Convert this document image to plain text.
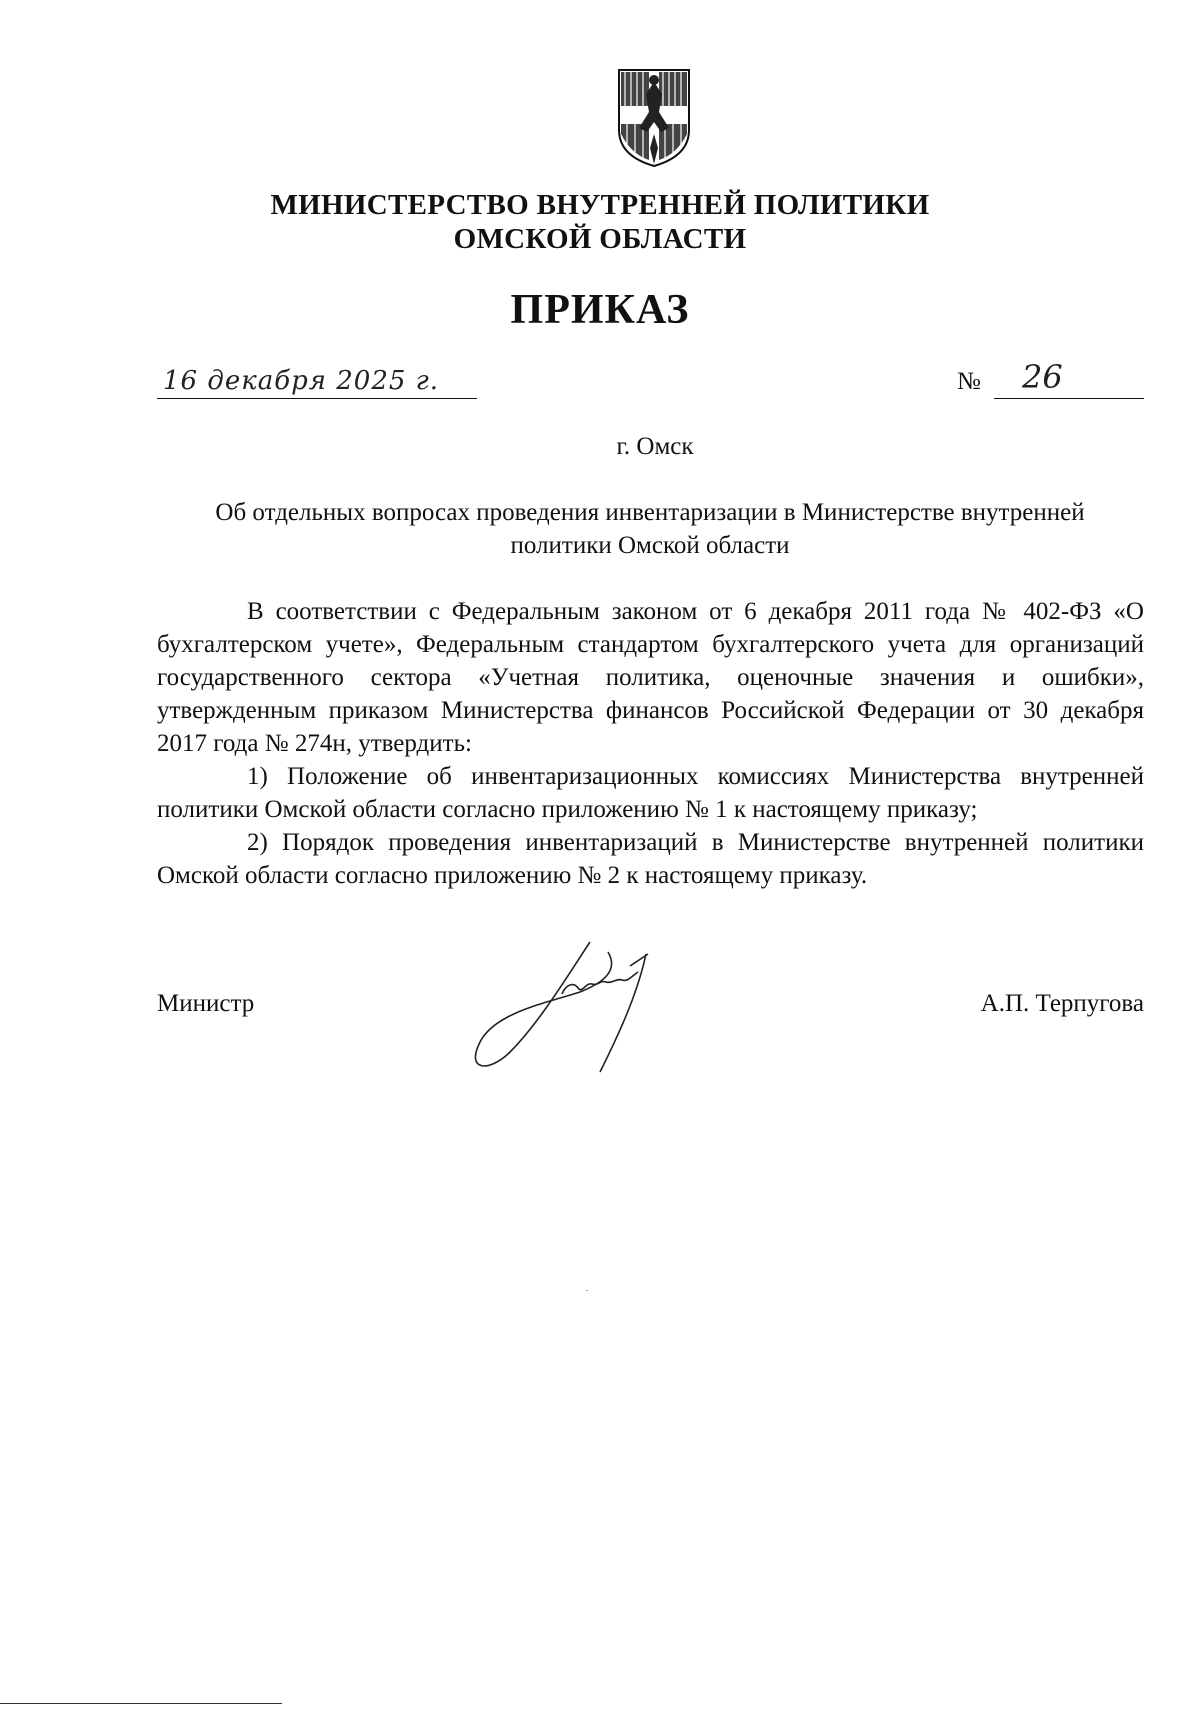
МИНИСТЕРСТВО ВНУТРЕННЕЙ ПОЛИТИКИ
ОМСКОЙ ОБЛАСТИ
ПРИКАЗ
16 декабря 2025 г.	№ 26
г. Омск
Об отдельных вопросах проведения инвентаризации в Министерстве внутренней политики Омской области

В соответствии с Федеральным законом от 6 декабря 2011 года № 402-ФЗ «О бухгалтерском учете», Федеральным стандартом бухгалтерского учета для организаций государственного сектора «Учетная политика, оценочные значения и ошибки», утвержденным приказом Министерства финансов Российской Федерации от 30 декабря 2017 года № 274н, утвердить:

1) Положение об инвентаризационных комиссиях Министерства внутренней политики Омской области согласно приложению № 1 к настоящему приказу;

2) Порядок проведения инвентаризаций в Министерстве внутренней политики Омской области согласно приложению № 2 к настоящему приказу.

Министр	А.П. Терпугова
